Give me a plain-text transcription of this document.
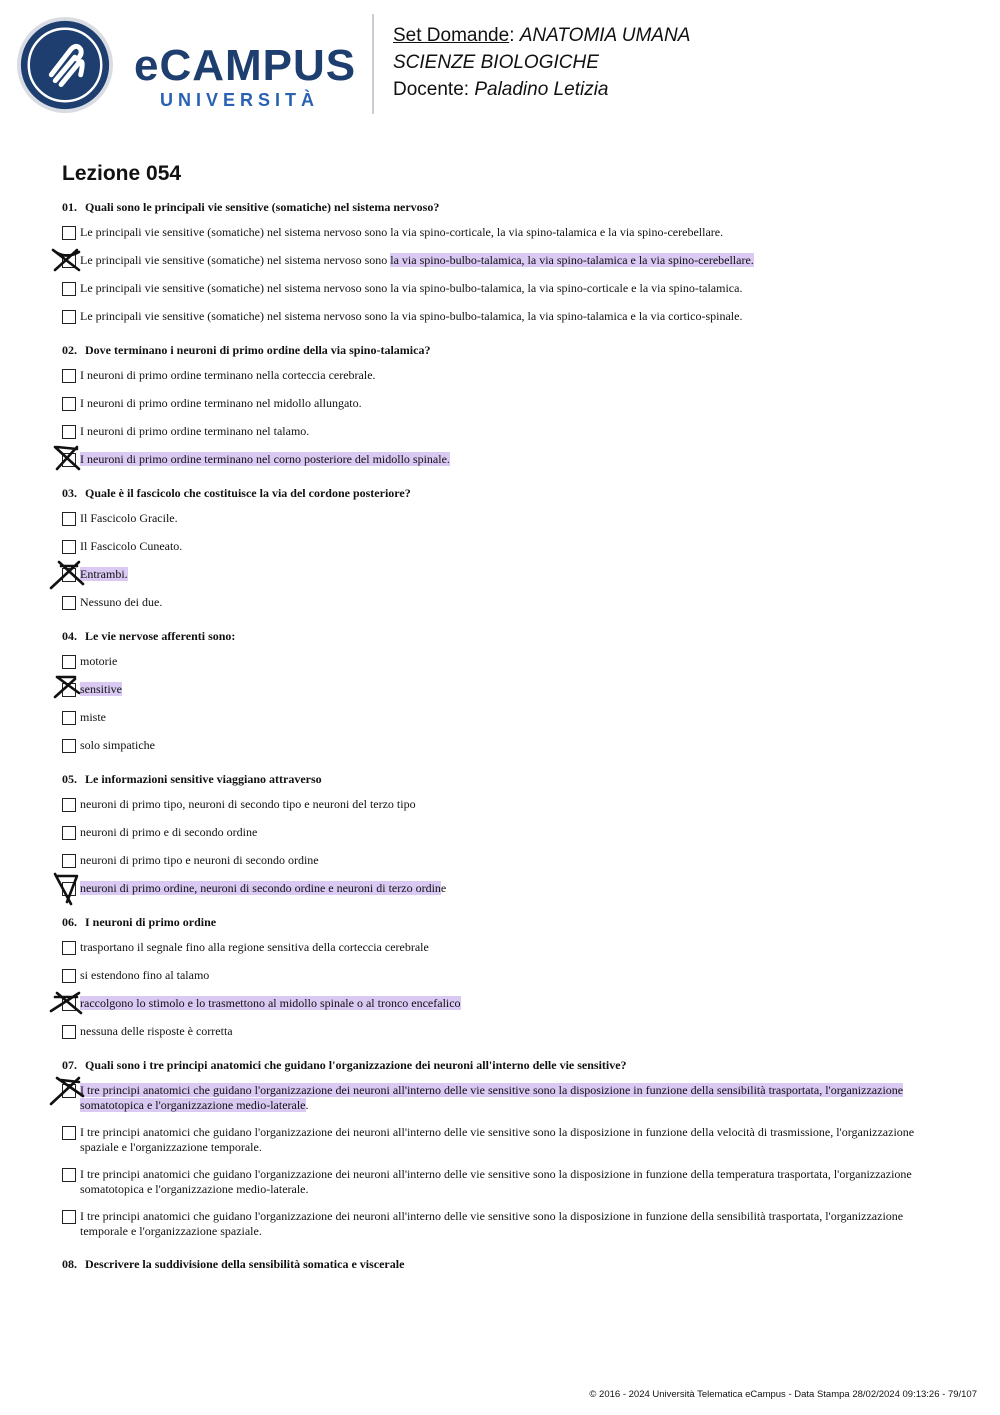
eCAMPUS
UNIVERSITÀ
Set Domande: ANATOMIA UMANA
SCIENZE BIOLOGICHE
Docente: Paladino Letizia
Lezione 054
01. Quali sono le principali vie sensitive (somatiche) nel sistema nervoso?
Le principali vie sensitive (somatiche) nel sistema nervoso sono la via spino-corticale, la via spino-talamica e la via spino-cerebellare.
Le principali vie sensitive (somatiche) nel sistema nervoso sono la via spino-bulbo-talamica, la via spino-talamica e la via spino-cerebellare.
Le principali vie sensitive (somatiche) nel sistema nervoso sono la via spino-bulbo-talamica, la via spino-corticale e la via spino-talamica.
Le principali vie sensitive (somatiche) nel sistema nervoso sono la via spino-bulbo-talamica, la via spino-talamica e la via cortico-spinale.
02. Dove terminano i neuroni di primo ordine della via spino-talamica?
I neuroni di primo ordine terminano nella corteccia cerebrale.
I neuroni di primo ordine terminano nel midollo allungato.
I neuroni di primo ordine terminano nel talamo.
I neuroni di primo ordine terminano nel corno posteriore del midollo spinale.
03. Quale è il fascicolo che costituisce la via del cordone posteriore?
Il Fascicolo Gracile.
Il Fascicolo Cuneato.
Entrambi.
Nessuno dei due.
04. Le vie nervose afferenti sono:
motorie
sensitive
miste
solo simpatiche
05. Le informazioni sensitive viaggiano attraverso
neuroni di primo tipo, neuroni di secondo tipo e neuroni del terzo tipo
neuroni di primo e di secondo ordine
neuroni di primo tipo e neuroni di secondo ordine
neuroni di primo ordine, neuroni di secondo ordine e neuroni di terzo ordine
06. I neuroni di primo ordine
trasportano il segnale fino alla regione sensitiva della corteccia cerebrale
si estendono fino al talamo
raccolgono lo stimolo e lo trasmettono al midollo spinale o al tronco encefalico
nessuna delle risposte è corretta
07. Quali sono i tre principi anatomici che guidano l'organizzazione dei neuroni all'interno delle vie sensitive?
I tre principi anatomici che guidano l'organizzazione dei neuroni all'interno delle vie sensitive sono la disposizione in funzione della sensibilità trasportata, l'organizzazione somatotopica e l'organizzazione medio-laterale.
I tre principi anatomici che guidano l'organizzazione dei neuroni all'interno delle vie sensitive sono la disposizione in funzione della velocità di trasmissione, l'organizzazione spaziale e l'organizzazione temporale.
I tre principi anatomici che guidano l'organizzazione dei neuroni all'interno delle vie sensitive sono la disposizione in funzione della temperatura trasportata, l'organizzazione somatotopica e l'organizzazione medio-laterale.
I tre principi anatomici che guidano l'organizzazione dei neuroni all'interno delle vie sensitive sono la disposizione in funzione della sensibilità trasportata, l'organizzazione temporale e l'organizzazione spaziale.
08. Descrivere la suddivisione della sensibilità somatica e viscerale
© 2016 - 2024 Università Telematica eCampus - Data Stampa 28/02/2024 09:13:26 - 79/107
